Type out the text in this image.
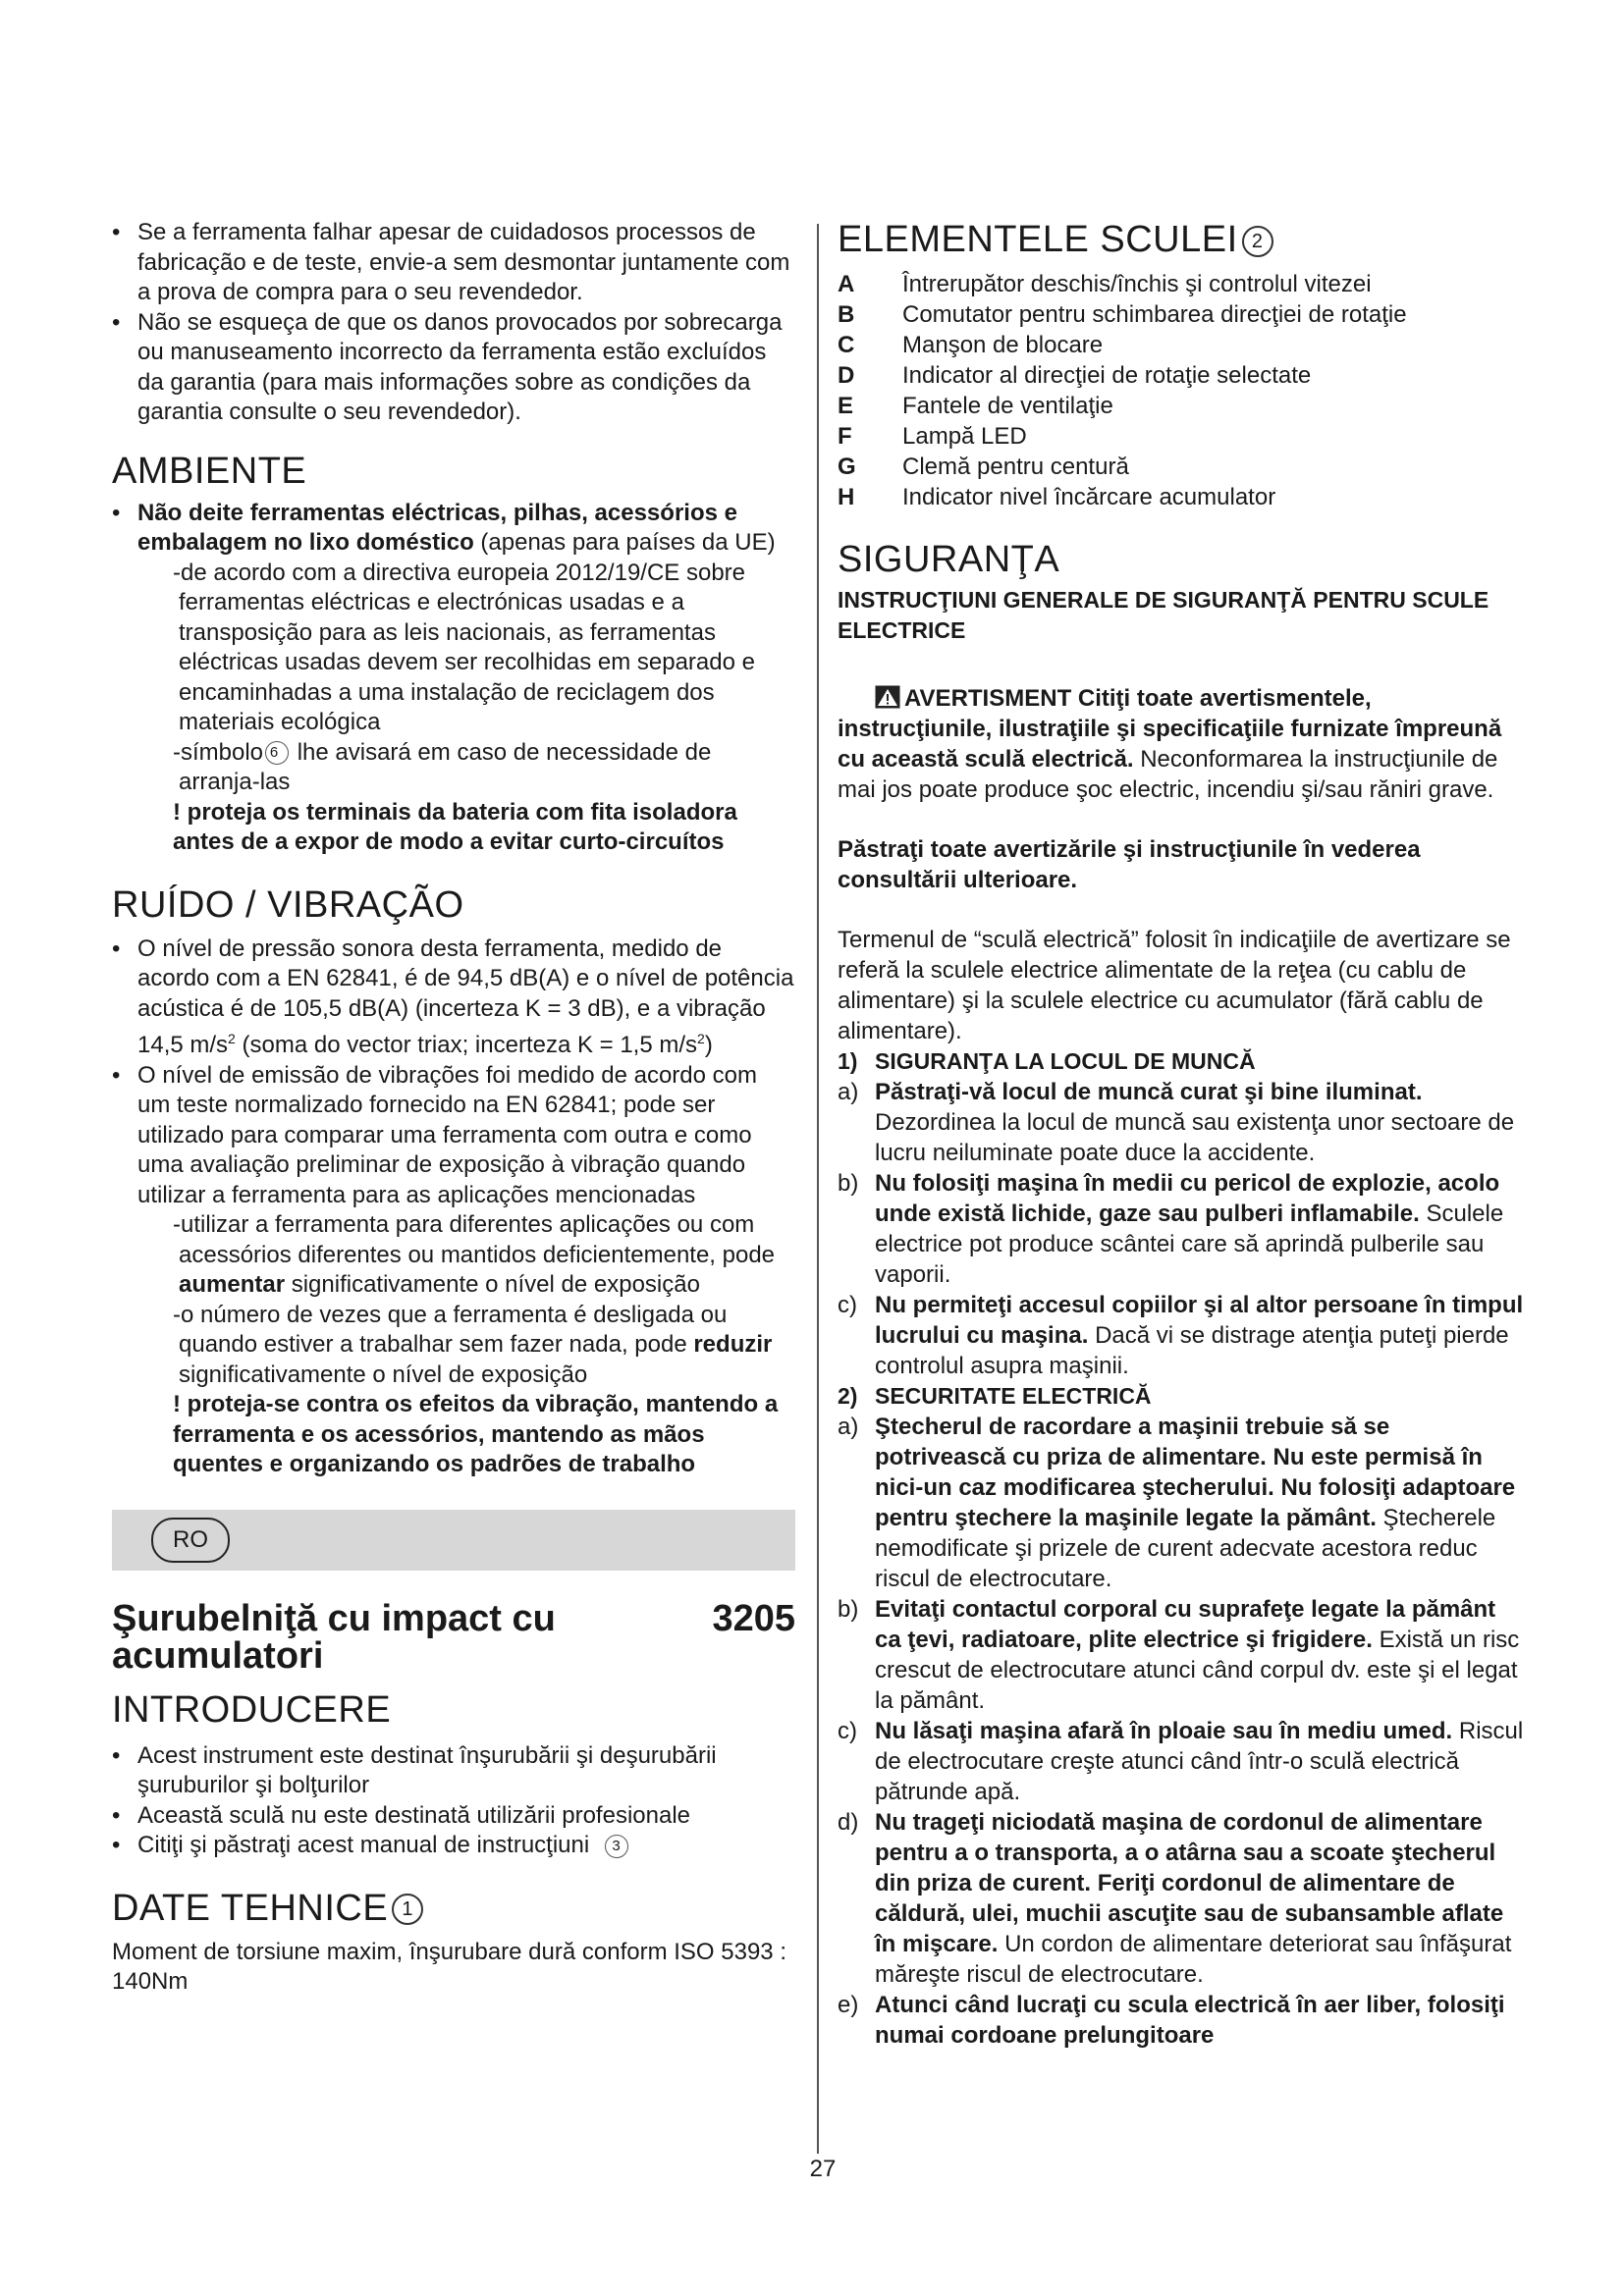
• Se a ferramenta falhar apesar de cuidadosos processos de fabricação e de teste, envie-a sem desmontar juntamente com a prova de compra para o seu revendedor.

• Não se esqueça de que os danos provocados por sobrecarga ou manuseamento incorrecto da ferramenta estão excluídos da garantia (para mais informações sobre as condições da garantia consulte o seu revendedor).

AMBIENTE

• Não deite ferramentas eléctricas, pilhas, acessórios e embalagem no lixo doméstico (apenas para países da UE)

-de acordo com a directiva europeia 2012/19/CE sobre ferramentas eléctricas e electrónicas usadas e a transposição para as leis nacionais, as ferramentas eléctricas usadas devem ser recolhidas em separado e encaminhadas a uma instalação de reciclagem dos materiais ecológica

-símbolo 6 lhe avisará em caso de necessidade de arranja-las

! proteja os terminais da bateria com fita isoladora antes de a expor de modo a evitar curto-circuítos

RUÍDO / VIBRAÇÃO

• O nível de pressão sonora desta ferramenta, medido de acordo com a EN 62841, é de 94,5 dB(A) e o nível de potência acústica é de 105,5 dB(A) (incerteza K = 3 dB), e a vibração 14,5 $m/s^2$ (soma do vector triax; incerteza K = 1,5 $m/s^2$)

• O nível de emissão de vibrações foi medido de acordo com um teste normalizado fornecido na EN 62841; pode ser utilizado para comparar uma ferramenta com outra e como uma avaliação preliminar de exposição à vibração quando utilizar a ferramenta para as aplicações mencionadas

-utilizar a ferramenta para diferentes aplicações ou com acessórios diferentes ou mantidos deficientemente, pode aumentar significativamente o nível de exposição

-o número de vezes que a ferramenta é desligada ou quando estiver a trabalhar sem fazer nada, pode reduzir significativamente o nível de exposição

! proteja-se contra os efeitos da vibração, mantendo a ferramenta e os acessórios, mantendo as mãos quentes e organizando os padrões de trabalho

RO
Şurubelniţă cu impact cu acumulatori
3205
INTRODUCERE

• Acest instrument este destinat înşurubării şi deşurubării şuruburilor şi bolţurilor

• Această sculă nu este destinată utilizării profesionale

• Citiţi şi păstraţi acest manual de instrucţiuni 3

DATE TEHNICE 1

Moment de torsiune maxim, înşurubare dură conform ISO 5393 : 140Nm

ELEMENTELE SCULEI 2
A	Întrerupător deschis/închis şi controlul vitezei
B	Comutator pentru schimbarea direcţiei de rotaţie
C	Manşon de blocare
D	Indicator al direcţiei de rotaţie selectate
E	Fantele de ventilaţie
F	Lampă LED
G	Clemă pentru centură
H	Indicator nivel încărcare acumulator
SIGURANŢA

INSTRUCŢIUNI GENERALE DE SIGURANŢĂ PENTRU SCULE ELECTRICE

AVERTISMENT Citiţi toate avertismentele, instrucţiunile, ilustraţiile şi specificaţiile furnizate împreună cu această sculă electrică. Neconformarea la instrucţiunile de mai jos poate produce şoc electric, incendiu şi/sau răniri grave.

Păstraţi toate avertizările şi instrucţiunile în vederea consultării ulterioare.

Termenul de “sculă electrică” folosit în indicaţiile de avertizare se referă la sculele electrice alimentate de la reţea (cu cablu de alimentare) şi la sculele electrice cu acumulator (fără cablu de alimentare).

1) SIGURANŢA LA LOCUL DE MUNCĂ

a) Păstraţi-vă locul de muncă curat şi bine iluminat. Dezordinea la locul de muncă sau existenţa unor sectoare de lucru neiluminate poate duce la accidente.
b) Nu folosiţi maşina în medii cu pericol de explozie, acolo unde există lichide, gaze sau pulberi inflamabile. Sculele electrice pot produce scântei care să aprindă pulberile sau vaporii.
c) Nu permiteţi accesul copiilor şi al altor persoane în timpul lucrului cu maşina. Dacă vi se distrage atenţia puteţi pierde controlul asupra maşinii.

2) SECURITATE ELECTRICĂ

a) Ştecherul de racordare a maşinii trebuie să se potrivească cu priza de alimentare. Nu este permisă în nici-un caz modificarea ştecherului. Nu folosiţi adaptoare pentru ştechere la maşinile legate la pământ. Ştecherele nemodificate şi prizele de curent adecvate acestora reduc riscul de electrocutare.
b) Evitaţi contactul corporal cu suprafeţe legate la pământ ca ţevi, radiatoare, plite electrice şi frigidere. Există un risc crescut de electrocutare atunci când corpul dv. este şi el legat la pământ.
c) Nu lăsaţi maşina afară în ploaie sau în mediu umed. Riscul de electrocutare creşte atunci când într-o sculă electrică pătrunde apă.
d) Nu trageţi niciodată maşina de cordonul de alimentare pentru a o transporta, a o atârna sau a scoate ştecherul din priza de curent. Feriţi cordonul de alimentare de căldură, ulei, muchii ascuţite sau de subansamble aflate în mişcare. Un cordon de alimentare deteriorat sau înfăşurat măreşte riscul de electrocutare.
e) Atunci când lucraţi cu scula electrică în aer liber, folosiţi numai cordoane prelungitoare
27
